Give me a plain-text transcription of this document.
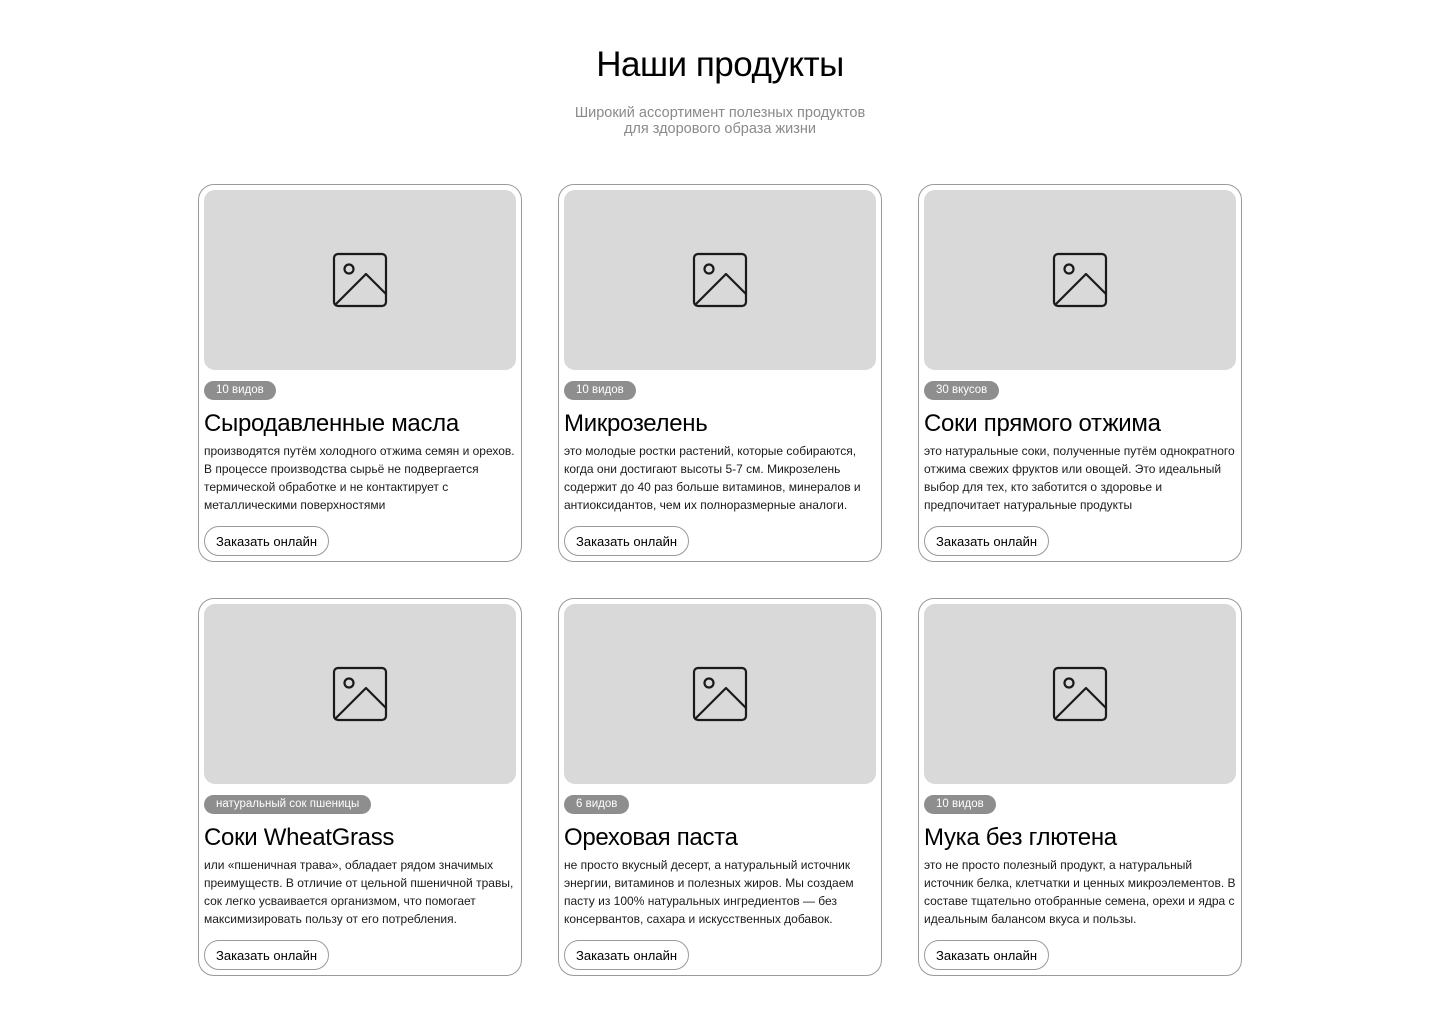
Наши продукты

Широкий ассортимент полезных продуктов
для здорового образа жизни

10 видов
Сыродавленные масла

производятся путём холодного отжима семян и орехов. В процессе производства сырьё не подвергается термической обработке и не контактирует с металлическими поверхностями

Заказать онлайн
10 видов
Микрозелень

это молодые ростки растений, которые собираются, когда они достигают высоты 5-7 см. Микрозелень содержит до 40 раз больше витаминов, минералов и антиоксидантов, чем их полноразмерные аналоги.

Заказать онлайн
30 вкусов
Соки прямого отжима

это натуральные соки, полученные путём однократного отжима свежих фруктов или овощей. Это идеальный выбор для тех, кто заботится о здоровье и предпочитает натуральные продукты

Заказать онлайн
натуральный сок пшеницы
Соки WheatGrass

или «пшеничная трава», обладает рядом значимых преимуществ. В отличие от цельной пшеничной травы, сок легко усваивается организмом, что помогает максимизировать пользу от его потребления.

Заказать онлайн
6 видов
Ореховая паста

не просто вкусный десерт, а натуральный источник энергии, витаминов и полезных жиров. Мы создаем пасту из 100% натуральных ингредиентов — без консервантов, сахара и искусственных добавок.

Заказать онлайн
10 видов
Мука без глютена

это не просто полезный продукт, а натуральный источник белка, клетчатки и ценных микроэлементов. В составе тщательно отобранные семена, орехи и ядра с идеальным балансом вкуса и пользы.

Заказать онлайн
